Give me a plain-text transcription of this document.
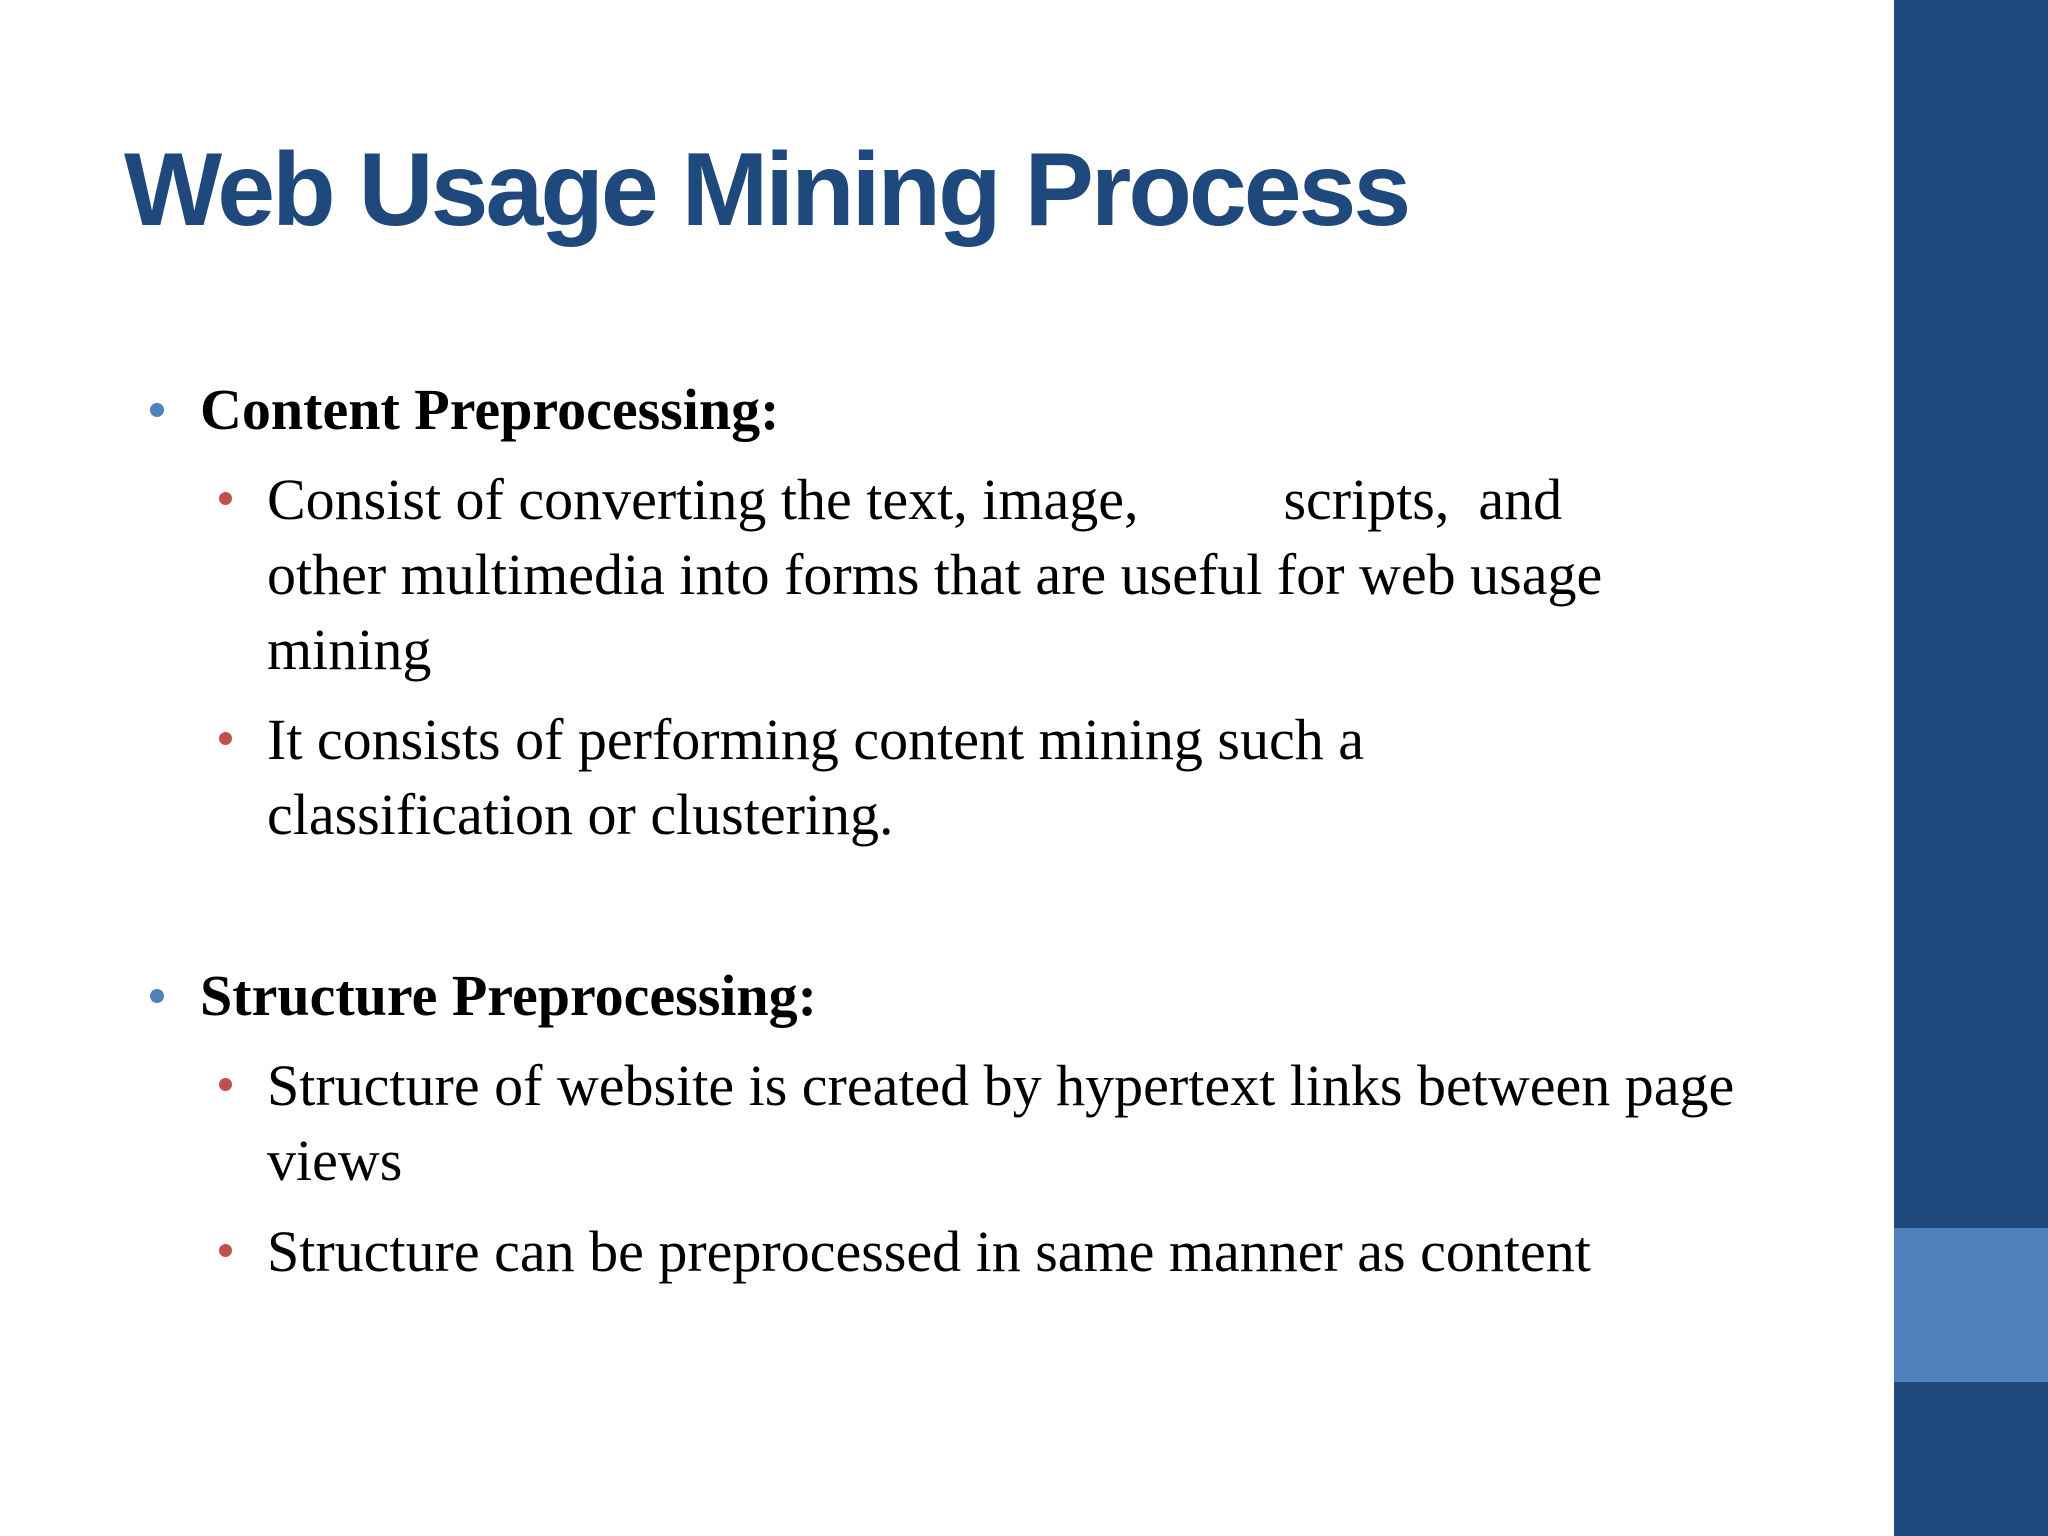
Web Usage Mining Process
Content Preprocessing:
Consist of converting the text, image,          scripts,  and
other multimedia into forms that are useful for web usage mining
It consists of performing content mining such a classification or clustering.
Structure Preprocessing:
Structure of website is created by hypertext links between page views
Structure can be preprocessed in same manner as content
